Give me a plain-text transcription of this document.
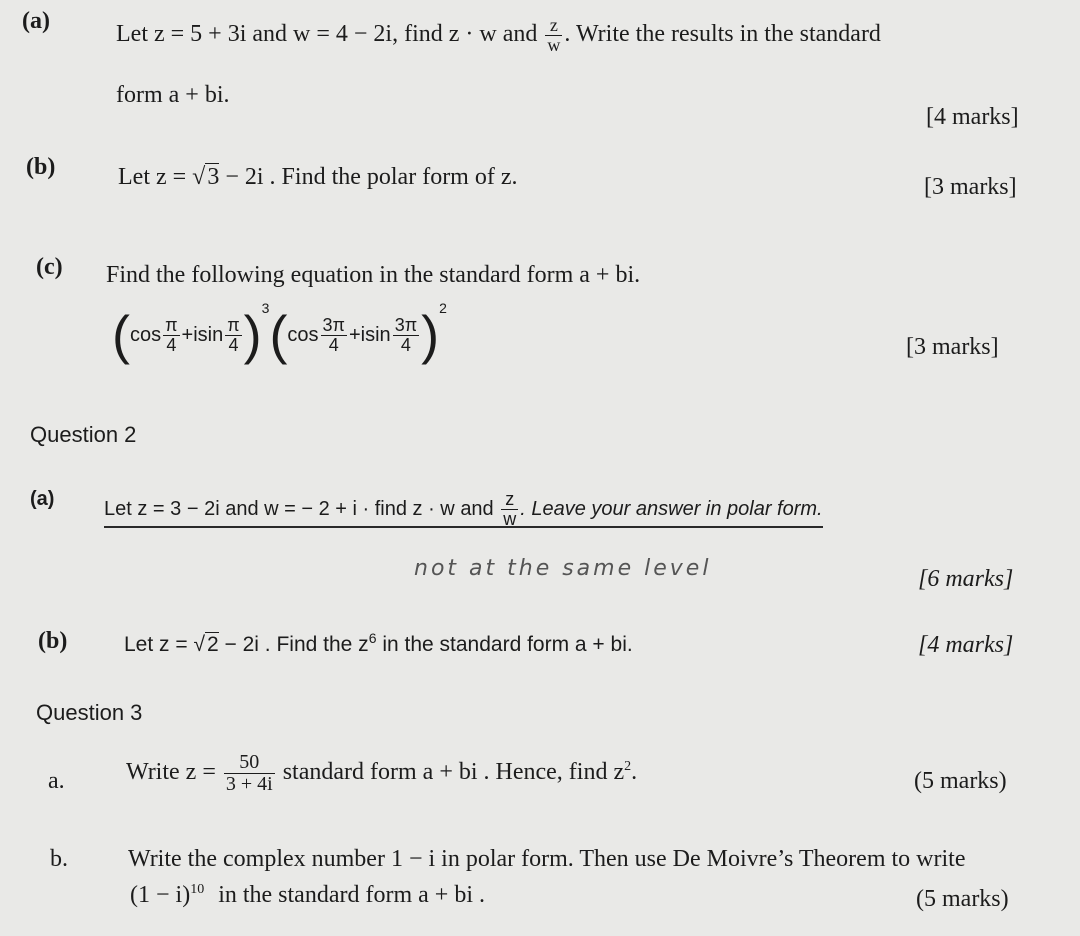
(a)	Let z = 5 + 3i and w = 4 − 2i, find z · w and $\frac{z}{w}$ . Write the results in the standard
form a + bi.
[4 marks]
(b)	Let z = √3 − 2i . Find the polar form of z.	[3 marks]
(c) Find the following equation in the standard form a + bi.
$(\cos \frac{\pi}{4} +isin \frac{\pi}{4} )^3(\cos \frac{3\pi}{4} +isin \frac{3\pi}{4} )^2$
[3 marks]
Question 2
(a) Let z = 3 − 2i and w = − 2 + i · find z · w and $\frac{z}{w}$ . Leave your answer in polar form.
not at the same level	[6 marks]
(b)	Let z = √2 − 2i . Find the $z^6$ in the standard form a + bi.	[4 marks]
Question 3
a.	Write $z = \frac{50}{3 + 4i}$ standard form a + bi . Hence, find $z^2$.	(5 marks)
b.	Write the complex number 1 − i in polar form. Then use De Moivre’s Theorem to write
$(1 - i)^{10}$ in the standard form a + bi .	(5 marks)
